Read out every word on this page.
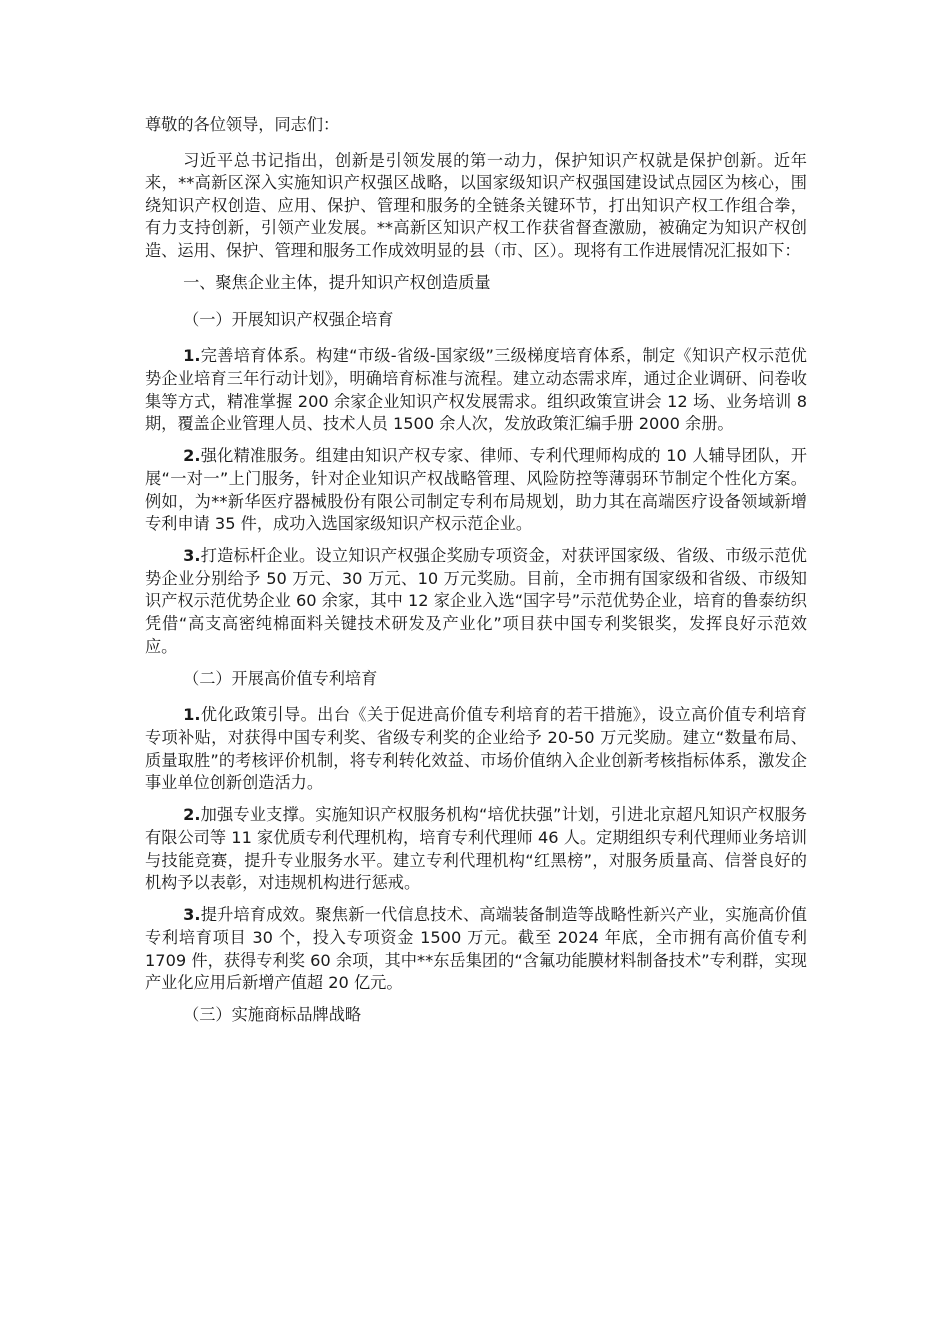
尊敬的各位领导，同志们：

习近平总书记指出，创新是引领发展的第一动力，保护知识产权就是保护创新。近年来，**高新区深入实施知识产权强区战略，以国家级知识产权强国建设试点园区为核心，围绕知识产权创造、应用、保护、管理和服务的全链条关键环节，打出知识产权工作组合拳，有力支持创新，引领产业发展。**高新区知识产权工作获省督查激励，被确定为知识产权创造、运用、保护、管理和服务工作成效明显的县（市、区）。现将有工作进展情况汇报如下：

一、聚焦企业主体，提升知识产权创造质量

（一）开展知识产权强企培育

1.完善培育体系。构建“市级-省级-国家级”三级梯度培育体系，制定《知识产权示范优势企业培育三年行动计划》，明确培育标准与流程。建立动态需求库，通过企业调研、问卷收集等方式，精准掌握 200 余家企业知识产权发展需求。组织政策宣讲会 12 场、业务培训 8 期，覆盖企业管理人员、技术人员 1500 余人次，发放政策汇编手册 2000 余册。

2.强化精准服务。组建由知识产权专家、律师、专利代理师构成的 10 人辅导团队，开展“一对一”上门服务，针对企业知识产权战略管理、风险防控等薄弱环节制定个性化方案。例如，为**新华医疗器械股份有限公司制定专利布局规划，助力其在高端医疗设备领域新增专利申请 35 件，成功入选国家级知识产权示范企业。

3.打造标杆企业。设立知识产权强企奖励专项资金，对获评国家级、省级、市级示范优势企业分别给予 50 万元、30 万元、10 万元奖励。目前，全市拥有国家级和省级、市级知识产权示范优势企业 60 余家，其中 12 家企业入选“国字号”示范优势企业，培育的鲁泰纺织凭借“高支高密纯棉面料关键技术研发及产业化”项目获中国专利奖银奖，发挥良好示范效应。

（二）开展高价值专利培育

1.优化政策引导。出台《关于促进高价值专利培育的若干措施》，设立高价值专利培育专项补贴，对获得中国专利奖、省级专利奖的企业给予 20-50 万元奖励。建立“数量布局、质量取胜”的考核评价机制，将专利转化效益、市场价值纳入企业创新考核指标体系，激发企事业单位创新创造活力。

2.加强专业支撑。实施知识产权服务机构“培优扶强”计划，引进北京超凡知识产权服务有限公司等 11 家优质专利代理机构，培育专利代理师 46 人。定期组织专利代理师业务培训与技能竞赛，提升专业服务水平。建立专利代理机构“红黑榜”，对服务质量高、信誉良好的机构予以表彰，对违规机构进行惩戒。

3.提升培育成效。聚焦新一代信息技术、高端装备制造等战略性新兴产业，实施高价值专利培育项目 30 个，投入专项资金 1500 万元。截至 2024 年底，全市拥有高价值专利 1709 件，获得专利奖 60 余项，其中**东岳集团的“含氟功能膜材料制备技术”专利群，实现产业化应用后新增产值超 20 亿元。

（三）实施商标品牌战略
